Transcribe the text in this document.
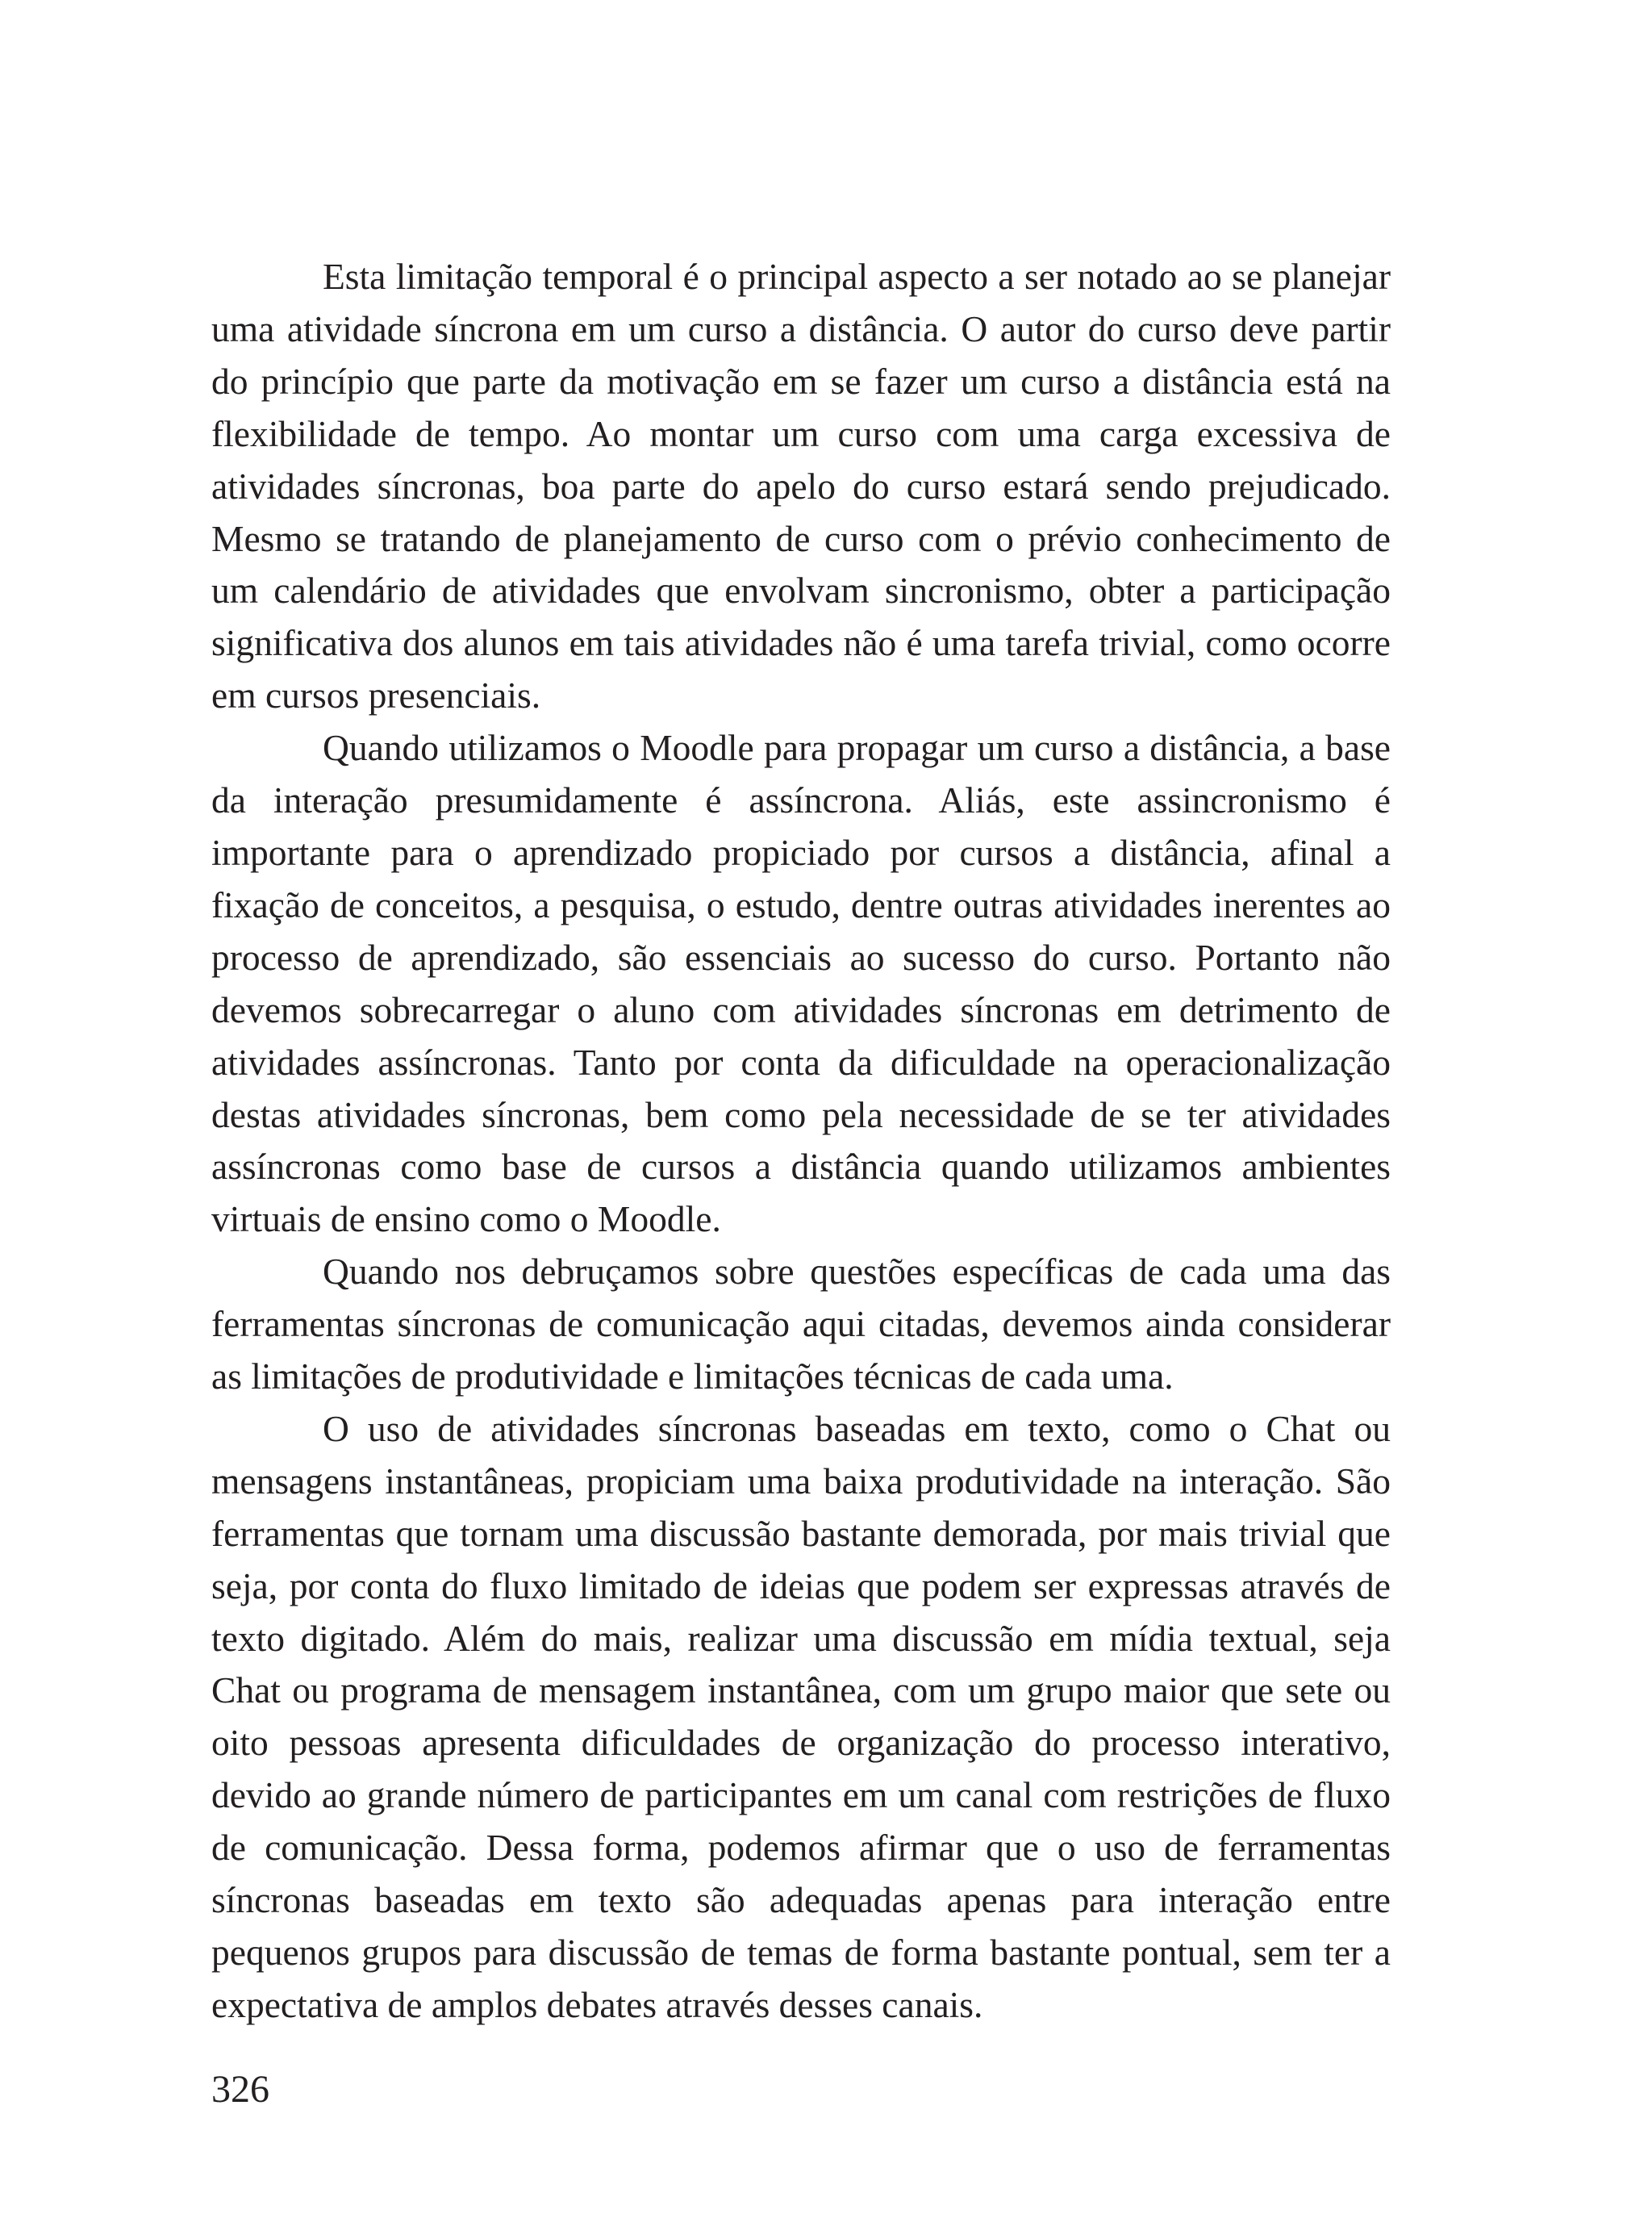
Esta limitação temporal é o principal aspecto a ser notado ao se planejar uma atividade síncrona em um curso a distância. O autor do curso deve partir do princípio que parte da motivação em se fazer um curso a distância está na flexibilidade de tempo. Ao montar um curso com uma carga excessiva de atividades síncronas, boa parte do apelo do curso estará sendo prejudicado. Mesmo se tratando de planejamento de curso com o prévio conhecimento de um calendário de atividades que envolvam sincronismo, obter a participação significativa dos alunos em tais atividades não é uma tarefa trivial, como ocorre em cursos presenciais.

Quando utilizamos o Moodle para propagar um curso a distância, a base da interação presumidamente é assíncrona. Aliás, este assincronismo é importante para o aprendizado propiciado por cursos a distância, afinal a fixação de conceitos, a pesquisa, o estudo, dentre outras atividades inerentes ao processo de aprendizado, são essenciais ao sucesso do curso. Portanto não devemos sobrecarregar o aluno com atividades síncronas em detrimento de atividades assíncronas. Tanto por conta da dificuldade na operacionalização destas atividades síncronas, bem como pela necessidade de se ter atividades assíncronas como base de cursos a distância quando utilizamos ambientes virtuais de ensino como o Moodle.

Quando nos debruçamos sobre questões específicas de cada uma das ferramentas síncronas de comunicação aqui citadas, devemos ainda considerar as limitações de produtividade e limitações técnicas de cada uma.

O uso de atividades síncronas baseadas em texto, como o Chat ou mensagens instantâneas, propiciam uma baixa produtividade na interação. São ferramentas que tornam uma discussão bastante demorada, por mais trivial que seja, por conta do fluxo limitado de ideias que podem ser expressas através de texto digitado. Além do mais, realizar uma discussão em mídia textual, seja Chat ou programa de mensagem instantânea, com um grupo maior que sete ou oito pessoas apresenta dificuldades de organização do processo interativo, devido ao grande número de participantes em um canal com restrições de fluxo de comunicação. Dessa forma, podemos afirmar que o uso de ferramentas síncronas baseadas em texto são adequadas apenas para interação entre pequenos grupos para discussão de temas de forma bastante pontual, sem ter a expectativa de amplos debates através desses canais.

326
